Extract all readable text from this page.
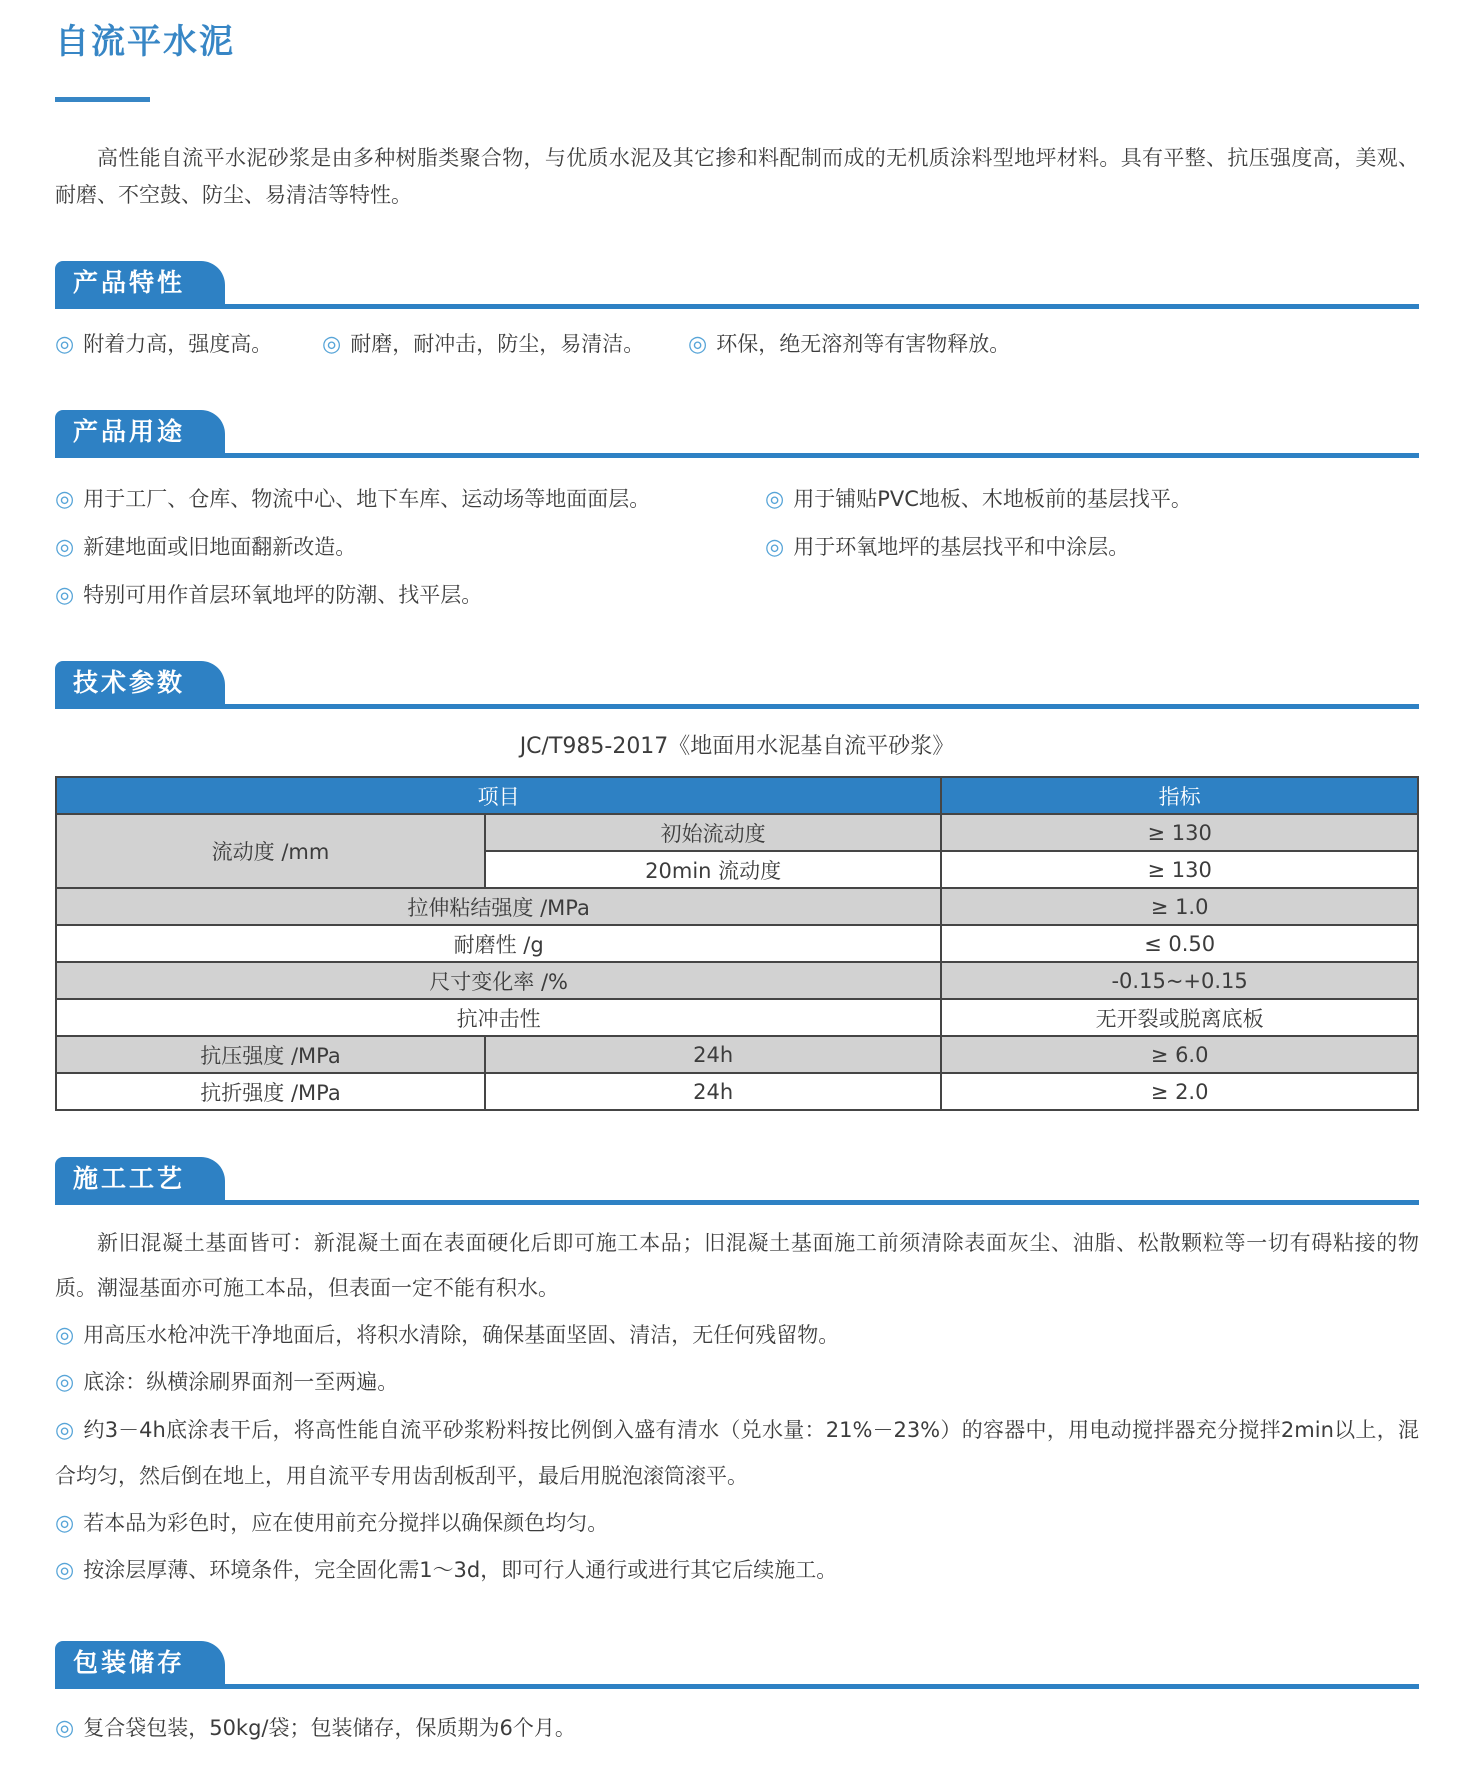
自流平水泥

高性能自流平水泥砂浆是由多种树脂类聚合物，与优质水泥及其它掺和料配制而成的无机质涂料型地坪材料。具有平整、抗压强度高，美观、耐磨、不空鼓、防尘、易清洁等特性。

产品特性

◎ 附着力高，强度高。	◎ 耐磨，耐冲击，防尘，易清洁。	◎ 环保，绝无溶剂等有害物释放。

产品用途

◎ 用于工厂、仓库、物流中心、地下车库、运动场等地面面层。

◎ 新建地面或旧地面翻新改造。

◎ 特别可用作首层环氧地坪的防潮、找平层。

◎ 用于铺贴PVC地板、木地板前的基层找平。

◎ 用于环氧地坪的基层找平和中涂层。

技术参数

JC/T985-2017《地面用水泥基自流平砂浆》

项目		指标
流动度 /mm	初始流动度	≥ 130
	20min 流动度	≥ 130
拉伸粘结强度 /MPa		≥ 1.0
耐磨性 /g		≤ 0.50
尺寸变化率 /%		-0.15~+0.15
抗冲击性		无开裂或脱离底板
抗压强度 /MPa	24h	≥ 6.0
抗折强度 /MPa	24h	≥ 2.0
施工工艺

新旧混凝土基面皆可：新混凝土面在表面硬化后即可施工本品；旧混凝土基面施工前须清除表面灰尘、油脂、松散颗粒等一切有碍粘接的物质。潮湿基面亦可施工本品，但表面一定不能有积水。

◎ 用高压水枪冲洗干净地面后，将积水清除，确保基面坚固、清洁，无任何残留物。

◎ 底涂：纵横涂刷界面剂一至两遍。

◎ 约3－4h底涂表干后，将高性能自流平砂浆粉料按比例倒入盛有清水（兑水量：21%－23%）的容器中，用电动搅拌器充分搅拌2min以上，混合均匀，然后倒在地上，用自流平专用齿刮板刮平，最后用脱泡滚筒滚平。

◎ 若本品为彩色时，应在使用前充分搅拌以确保颜色均匀。

◎ 按涂层厚薄、环境条件，完全固化需1～3d，即可行人通行或进行其它后续施工。

包装储存

◎ 复合袋包装，50kg/袋；包装储存，保质期为6个月。
